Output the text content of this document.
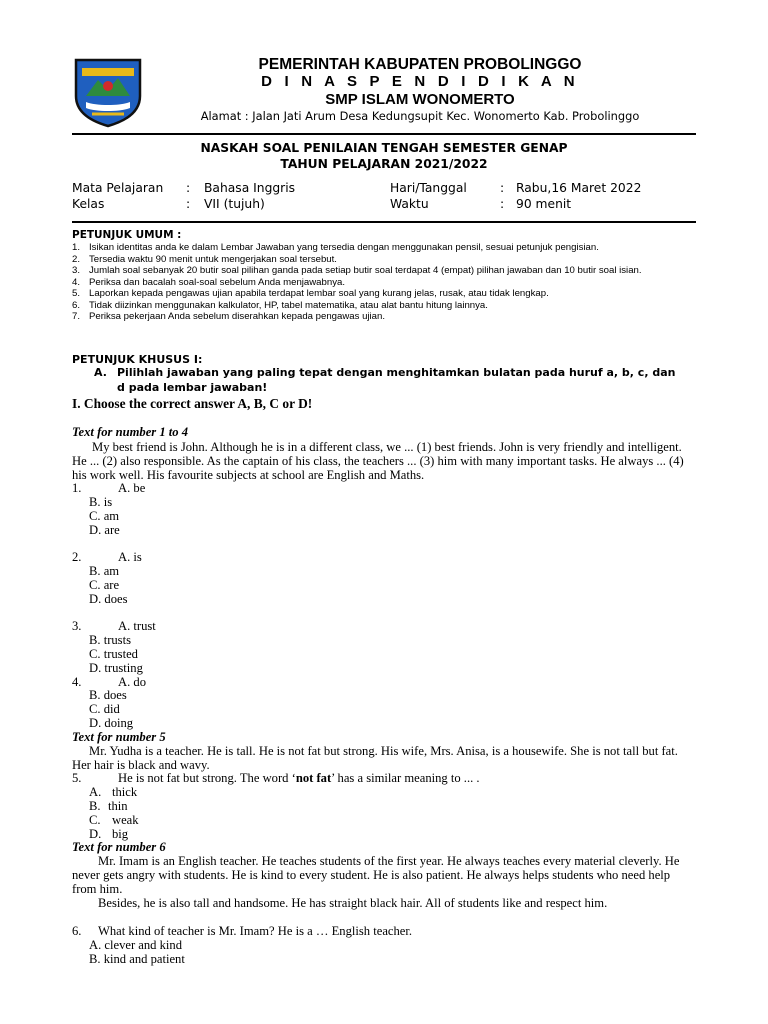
PEMERINTAH KABUPATEN PROBOLINGGO
D I N A S P E N D I D I K A N
SMP ISLAM WONOMERTO
Alamat : Jalan Jati Arum Desa Kedungsupit Kec. Wonomerto Kab. Probolinggo
NASKAH SOAL PENILAIAN TENGAH SEMESTER GENAP
TAHUN PELAJARAN 2021/2022
Mata Pelajaran : Bahasa Inggris	Hari/Tanggal	: Rabu,16 Maret 2022
Kelas	: VII (tujuh)	Waktu	: 90 menit
PETUNJUK UMUM :
1. Isikan identitas anda ke dalam Lembar Jawaban yang tersedia dengan menggunakan pensil, sesuai petunjuk pengisian.
2. Tersedia waktu 90 menit untuk mengerjakan soal tersebut.
3. Jumlah soal sebanyak 20 butir soal pilihan ganda pada setiap butir soal terdapat 4 (empat) pilihan jawaban dan 10 butir soal isian.
4. Periksa dan bacalah soal-soal sebelum Anda menjawabnya.
5. Laporkan kepada pengawas ujian apabila terdapat lembar soal yang kurang jelas, rusak, atau tidak lengkap.
6. Tidak diizinkan menggunakan kalkulator, HP, tabel matematika, atau alat bantu hitung lainnya.
7. Periksa pekerjaan Anda sebelum diserahkan kepada pengawas ujian.
PETUNJUK KHUSUS I:
A. Pilihlah jawaban yang paling tepat dengan menghitamkan bulatan pada huruf a, b, c, dan d pada lembar jawaban!
I. Choose the correct answer A, B, C or D!
Text for number 1 to 4
My best friend is John. Although he is in a different class, we ... (1) best friends. John is very friendly and intelligent. He ... (2) also responsible. As the captain of his class, the teachers ... (3) him with many important tasks. He always ... (4) his work well. His favourite subjects at school are English and Maths.
1.	A. be
B. is
C. am
D. are
2.	A. is
B. am
C. are
D. does
3.	A. trust
B. trusts
C. trusted
D. trusting
4.	A. do
B. does
C. did
D. doing
Text for number 5
Mr. Yudha is a teacher. He is tall. He is not fat but strong. His wife, Mrs. Anisa, is a housewife. She is not tall but fat. Her hair is black and wavy.
5.	He is not fat but strong. The word ‘not fat’ has a similar meaning to ... .
A. thick
B. thin
C. weak
D. big
Text for number 6
Mr. Imam is an English teacher. He teaches students of the first year. He always teaches every material cleverly. He never gets angry with students. He is kind to every student. He is also patient. He always helps students who need help from him.
Besides, he is also tall and handsome. He has straight black hair. All of students like and respect him.
6. What kind of teacher is Mr. Imam? He is a … English teacher.
A. clever and kind
B. kind and patient
